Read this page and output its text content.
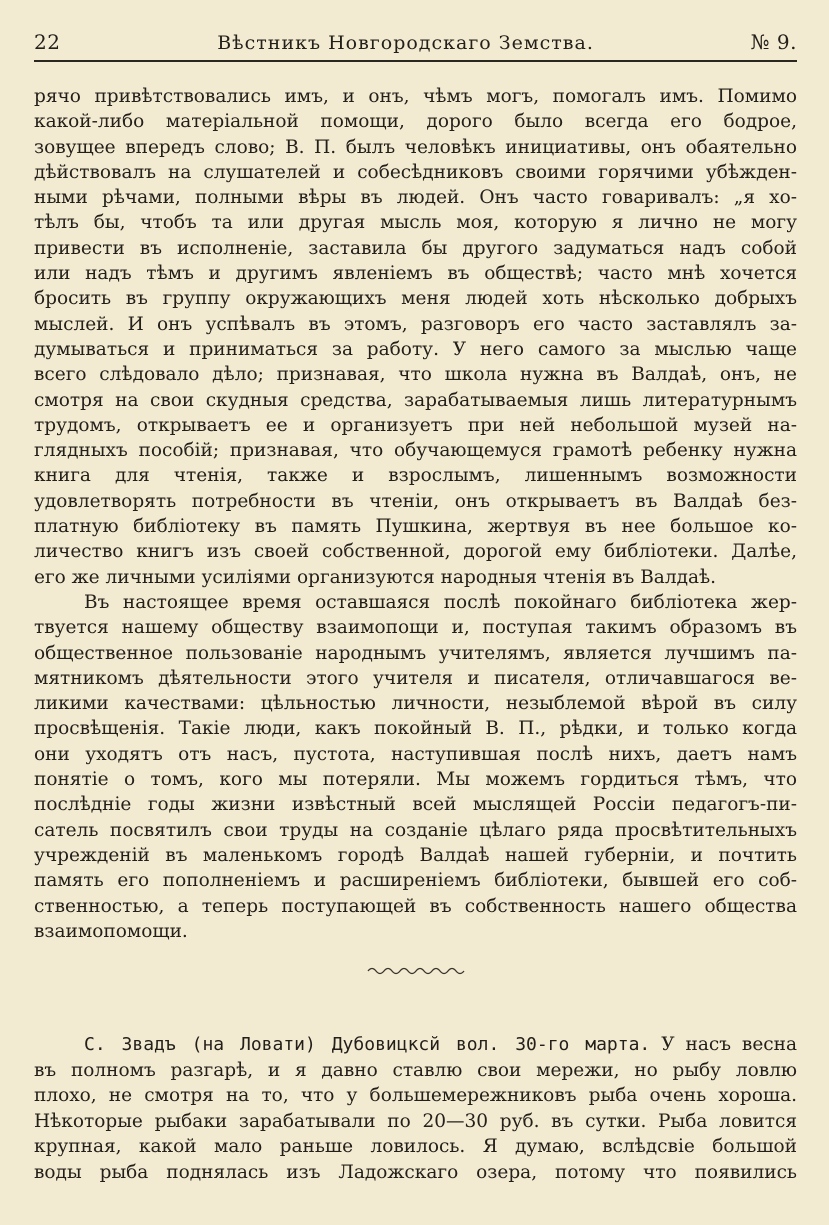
22	Вѣстникъ Новгородскаго Земства.	№ 9.
рячо привѣтствовались имъ, и онъ, чѣмъ могъ, помогалъ имъ. Помимо
какой-либо матеріальной помощи, дорого было всегда его бодрое,
зовущее впередъ слово; В. П. былъ человѣкъ инициативы, онъ обаятельно
дѣйствовалъ на слушателей и собесѣдниковъ своими горячими убѣжден-
ными рѣчами, полными вѣры въ людей. Онъ часто говаривалъ: „я хо-
тѣлъ бы, чтобъ та или другая мысль моя, которую я лично не могу
привести въ исполненіе, заставила бы другого задуматься надъ собой
или надъ тѣмъ и другимъ явленіемъ въ обществѣ; часто мнѣ хочется
бросить въ группу окружающихъ меня людей хоть нѣсколько добрыхъ
мыслей. И онъ успѣвалъ въ этомъ, разговоръ его часто заставлялъ за-
думываться и приниматься за работу. У него самого за мыслью чаще
всего слѣдовало дѣло; признавая, что школа нужна въ Валдаѣ, онъ, не
смотря на свои скудныя средства, зарабатываемыя лишь литературнымъ
трудомъ, открываетъ ее и организуетъ при ней небольшой музей на-
глядныхъ пособій; признавая, что обучающемуся грамотѣ ребенку нужна
книга для чтенія, также и взрослымъ, лишеннымъ возможности
удовлетворять потребности въ чтеніи, онъ открываетъ въ Валдаѣ без-
платную библіотеку въ память Пушкина, жертвуя въ нее большое ко-
личество книгъ изъ своей собственной, дорогой ему библіотеки. Далѣе,
его же личными усиліями организуются народныя чтенія въ Валдаѣ.
Въ настоящее время оставшаяся послѣ покойнаго библіотека жер-
твуется нашему обществу взаимопощи и, поступая такимъ образомъ въ
общественное пользованіе народнымъ учителямъ, является лучшимъ па-
мятникомъ дѣятельности этого учителя и писателя, отличавшагося ве-
ликими качествами: цѣльностью личности, незыблемой вѣрой въ силу
просвѣщенія. Такіе люди, какъ покойный В. П., рѣдки, и только когда
они уходятъ отъ насъ, пустота, наступившая послѣ нихъ, даетъ намъ
понятіе о томъ, кого мы потеряли. Мы можемъ гордиться тѣмъ, что
послѣдніе годы жизни извѣстный всей мыслящей Россіи педагогъ-пи-
сатель посвятилъ свои труды на созданіе цѣлаго ряда просвѣтительныхъ
учрежденій въ маленькомъ городѣ Валдаѣ нашей губерніи, и почтить
память его пополненіемъ и расширеніемъ библіотеки, бывшей его соб-
ственностью, а теперь поступающей въ собственность нашего общества
взаимопомощи.
С. Звадъ (на Ловати) Дубовицксй вол. 30-го марта. У насъ весна
въ полномъ разгарѣ, и я давно ставлю свои мережи, но рыбу ловлю
плохо, не смотря на то, что у большемережниковъ рыба очень хороша.
Нѣкоторые рыбаки зарабатывали по 20—30 руб. въ сутки. Рыба ловится
крупная, какой мало раньше ловилось. Я думаю, вслѣдсвіе большой
воды рыба поднялась изъ Ладожскаго озера, потому что появились
